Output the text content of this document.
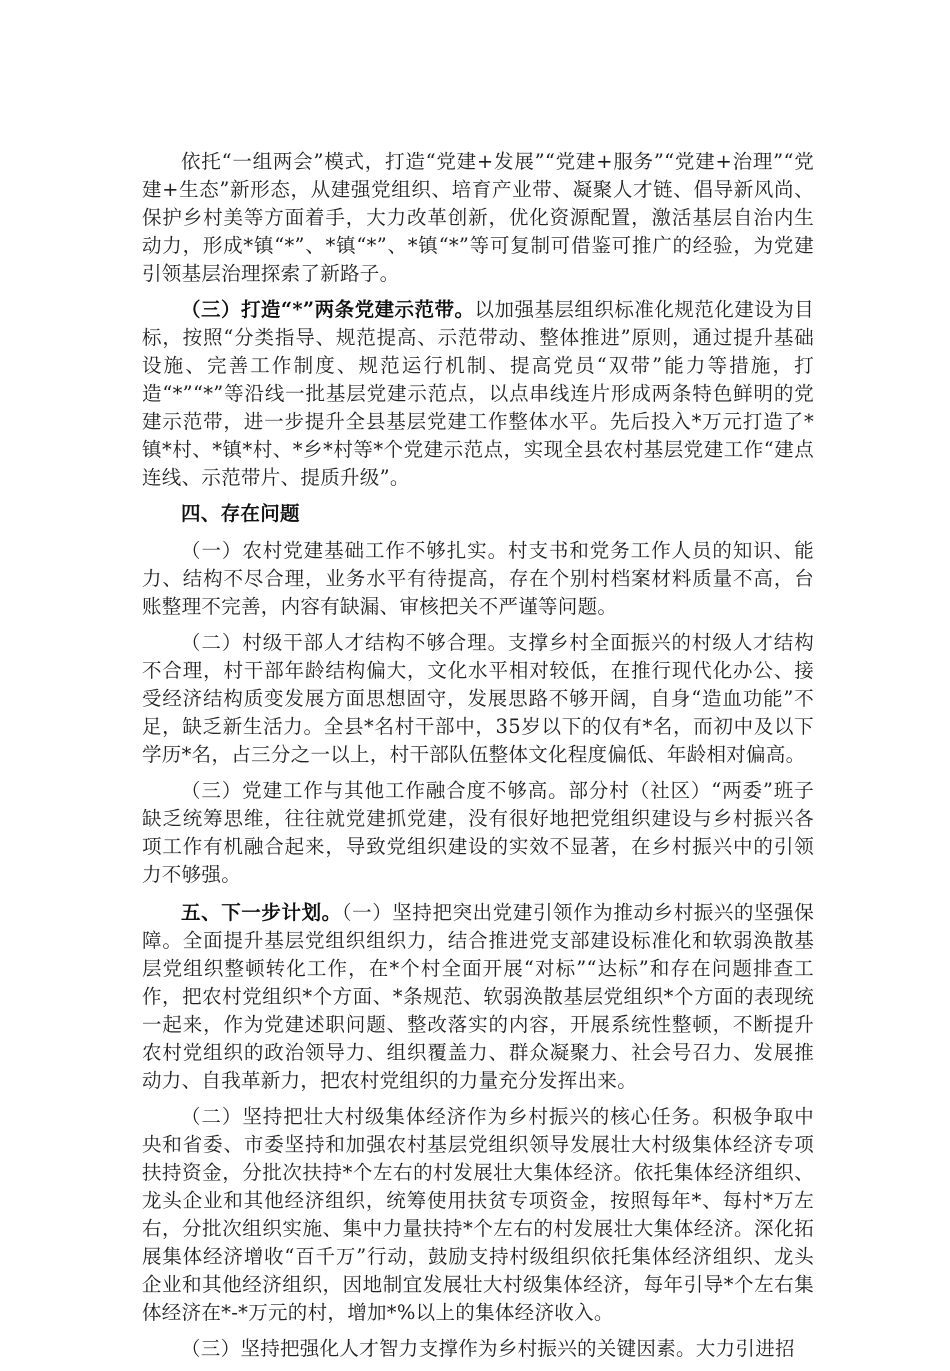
依托“一组两会”模式，打造“党建+发展”“党建+服务”“党建+治理”“党建+生态”新形态，从建强党组织、培育产业带、凝聚人才链、倡导新风尚、保护乡村美等方面着手，大力改革创新，优化资源配置，激活基层自治内生动力，形成*镇“*”、*镇“*”、*镇“*”等可复制可借鉴可推广的经验，为党建引领基层治理探索了新路子。

（三）打造“*”两条党建示范带。以加强基层组织标准化规范化建设为目标，按照“分类指导、规范提高、示范带动、整体推进”原则，通过提升基础设施、完善工作制度、规范运行机制、提高党员“双带”能力等措施，打造“*”“*”等沿线一批基层党建示范点，以点串线连片形成两条特色鲜明的党建示范带，进一步提升全县基层党建工作整体水平。先后投入*万元打造了*镇*村、*镇*村、*乡*村等*个党建示范点，实现全县农村基层党建工作“建点连线、示范带片、提质升级”。

四、存在问题

（一）农村党建基础工作不够扎实。村支书和党务工作人员的知识、能力、结构不尽合理，业务水平有待提高，存在个别村档案材料质量不高，台账整理不完善，内容有缺漏、审核把关不严谨等问题。

（二）村级干部人才结构不够合理。支撑乡村全面振兴的村级人才结构不合理，村干部年龄结构偏大，文化水平相对较低，在推行现代化办公、接受经济结构质变发展方面思想固守，发展思路不够开阔，自身“造血功能”不足，缺乏新生活力。全县*名村干部中，35岁以下的仅有*名，而初中及以下学历*名，占三分之一以上，村干部队伍整体文化程度偏低、年龄相对偏高。

（三）党建工作与其他工作融合度不够高。部分村（社区）“两委”班子缺乏统筹思维，往往就党建抓党建，没有很好地把党组织建设与乡村振兴各项工作有机融合起来，导致党组织建设的实效不显著，在乡村振兴中的引领力不够强。

五、下一步计划。（一）坚持把突出党建引领作为推动乡村振兴的坚强保障。全面提升基层党组织组织力，结合推进党支部建设标准化和软弱涣散基层党组织整顿转化工作，在*个村全面开展“对标”“达标”和存在问题排查工作，把农村党组织*个方面、*条规范、软弱涣散基层党组织*个方面的表现统一起来，作为党建述职问题、整改落实的内容，开展系统性整顿，不断提升农村党组织的政治领导力、组织覆盖力、群众凝聚力、社会号召力、发展推动力、自我革新力，把农村党组织的力量充分发挥出来。

（二）坚持把壮大村级集体经济作为乡村振兴的核心任务。积极争取中央和省委、市委坚持和加强农村基层党组织领导发展壮大村级集体经济专项扶持资金，分批次扶持*个左右的村发展壮大集体经济。依托集体经济组织、龙头企业和其他经济组织，统筹使用扶贫专项资金，按照每年*、每村*万左右，分批次组织实施、集中力量扶持*个左右的村发展壮大集体经济。深化拓展集体经济增收“百千万”行动，鼓励支持村级组织依托集体经济组织、龙头企业和其他经济组织，因地制宜发展壮大村级集体经济，每年引导*个左右集体经济在*-*万元的村，增加*%以上的集体经济收入。

（三）坚持把强化人才智力支撑作为乡村振兴的关键因素。大力引进招
